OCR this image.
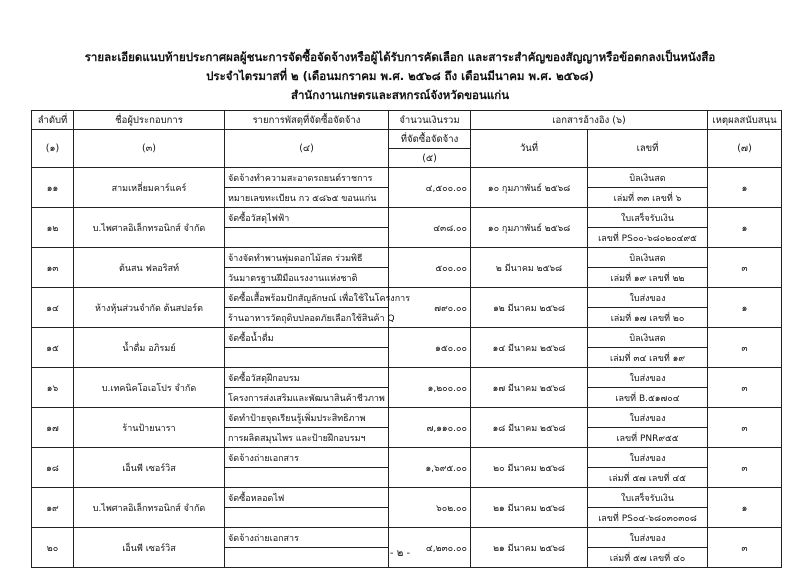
รายละเอียดแนบท้ายประกาศผลผู้ชนะการจัดซื้อจัดจ้างหรือผู้ได้รับการคัดเลือก และสาระสำคัญของสัญญาหรือข้อตกลงเป็นหนังสือ
ประจำไตรมาสที่ ๒ (เดือนมกราคม พ.ศ. ๒๕๖๘ ถึง เดือนมีนาคม พ.ศ. ๒๕๖๘)
สำนักงานเกษตรและสหกรณ์จังหวัดขอนแก่น
ลำดับที่	ชื่อผู้ประกอบการ	รายการพัสดุที่จัดซื้อจัดจ้าง	จำนวนเงินรวม	เอกสารอ้างอิง (๖)		เหตุผลสนับสนุน
(๑)	(๓)	(๔)	ที่จัดซื้อจัดจ้าง	วันที่	เลขที่	(๗)
			(๕)			
๑๑	สามเหลี่ยมคาร์แคร์	จัดจ้างทำความสะอาดรถยนต์ราชการ	๔,๕๐๐.๐๐	๑๐ กุมภาพันธ์ ๒๕๖๘	บิลเงินสด	๑
		หมายเลขทะเบียน กว ๕๘๖๕ ขอนแก่น			เล่มที่ ๓๓ เลขที่ ๖	
๑๒	บ.ไพศาลอิเล็กทรอนิกส์ จำกัด	จัดซื้อวัสดุไฟฟ้า	๔๓๘.๐๐	๑๐ กุมภาพันธ์ ๒๕๖๘	ใบเสร็จรับเงิน	๑
					เลขที่ PS๐๐-๖๘๐๒๐๔๙๕	
๑๓	ต้นสน ฟลอริสท์	จ้างจัดทำพานพุ่มดอกไม้สด ร่วมพิธี	๕๐๐.๐๐	๒ มีนาคม ๒๕๖๘	บิลเงินสด	๓
		วันมาตรฐานฝีมือแรงงานแห่งชาติ			เล่มที่ ๑๙ เลขที่ ๒๒	
๑๔	ห้างหุ้นส่วนจำกัด ต้นสปอร์ต	จัดซื้อเสื้อพร้อมปักสัญลักษณ์ เพื่อใช้ในโครงการ	๗๙๐.๐๐	๑๒ มีนาคม ๒๕๖๘	ใบส่งของ	๑
		ร้านอาหารวัตถุดิบปลอดภัยเลือกใช้สินค้า Q			เล่มที่ ๑๗ เลขที่ ๒๐	
๑๕	น้ำดื่ม อภิรมย์	จัดซื้อน้ำดื่ม	๑๕๐.๐๐	๑๔ มีนาคม ๒๕๖๘	บิลเงินสด	๓
					เล่มที่ ๓๔ เลขที่ ๑๙	
๑๖	บ.เทคนิคโอเอโปร จำกัด	จัดซื้อวัสดุฝึกอบรม	๑,๒๐๐.๐๐	๑๗ มีนาคม ๒๕๖๘	ใบส่งของ	๓
		โครงการส่งเสริมและพัฒนาสินค้าชีวภาพ			เลขที่ B.๕๑๗๐๔	
๑๗	ร้านป้ายนารา	จัดทำป้ายจุดเรียนรู้เพิ่มประสิทธิภาพ	๗,๑๑๐.๐๐	๑๘ มีนาคม ๒๕๖๘	ใบส่งของ	๓
		การผลิตสมุนไพร และป้ายฝึกอบรมฯ			เลขที่ PNR๙๕๕	
๑๘	เอ็นพี เซอร์วิส	จัดจ้างถ่ายเอกสาร	๑,๖๙๕.๐๐	๒๐ มีนาคม ๒๕๖๘	ใบส่งของ	๓
					เล่มที่ ๕๗ เลขที่ ๔๕	
๑๙	บ.ไพศาลอิเล็กทรอนิกส์ จำกัด	จัดซื้อหลอดไฟ	๖๐๒.๐๐	๒๑ มีนาคม ๒๕๖๘	ใบเสร็จรับเงิน	๑
					เลขที่ PS๐๔-๖๘๐๓๐๓๐๘	
๒๐	เอ็นพี เซอร์วิส	จัดจ้างถ่ายเอกสาร	๔,๒๓๐.๐๐	๒๑ มีนาคม ๒๕๖๘	ใบส่งของ	๓
					เล่มที่ ๕๗ เลขที่ ๔๐	
- ๒ -
